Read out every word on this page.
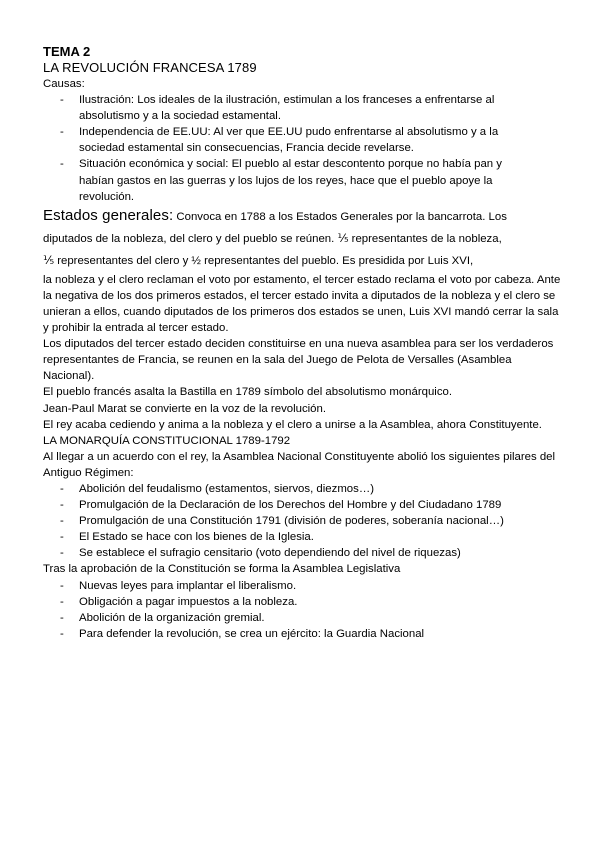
TEMA 2
LA REVOLUCIÓN FRANCESA 1789
Causas:
- Ilustración: Los ideales de la ilustración, estimulan a los franceses a enfrentarse al absolutismo y a la sociedad estamental.
- Independencia de EE.UU: Al ver que EE.UU pudo enfrentarse al absolutismo y a la sociedad estamental sin consecuencias, Francia decide revelarse.
- Situación económica y social: El pueblo al estar descontento porque no había pan y habían gastos en las guerras y los lujos de los reyes, hace que el pueblo apoye la revolución.
Estados generales: Convoca en 1788 a los Estados Generales por la bancarrota. Los
diputados de la nobleza, del clero y del pueblo se reúnen. ⅕ representantes de la nobleza,
⅕ representantes del clero y ½ representantes del pueblo. Es presidida por Luis XVI,
la nobleza y el clero reclaman el voto por estamento, el tercer estado reclama el voto por cabeza. Ante la negativa de los dos primeros estados, el tercer estado invita a diputados de la nobleza y el clero se unieran a ellos, cuando diputados de los primeros dos estados se unen, Luis XVI mandó cerrar la sala y prohibir la entrada al tercer estado.
Los diputados del tercer estado deciden constituirse en una nueva asamblea para ser los verdaderos representantes de Francia, se reunen en la sala del Juego de Pelota de Versalles (Asamblea Nacional).
El pueblo francés asalta la Bastilla en 1789 símbolo del absolutismo monárquico.
Jean-Paul Marat se convierte en la voz de la revolución.
El rey acaba cediendo y anima a la nobleza y el clero a unirse a la Asamblea, ahora Constituyente.
LA MONARQUÍA CONSTITUCIONAL 1789-1792
Al llegar a un acuerdo con el rey, la Asamblea Nacional Constituyente abolió los siguientes pilares del Antiguo Régimen:
- Abolición del feudalismo (estamentos, siervos, diezmos…)
- Promulgación de la Declaración de los Derechos del Hombre y del Ciudadano 1789
- Promulgación de una Constitución 1791 (división de poderes, soberanía nacional…)
- El Estado se hace con los bienes de la Iglesia.
- Se establece el sufragio censitario (voto dependiendo del nivel de riquezas)
Tras la aprobación de la Constitución se forma la Asamblea Legislativa
- Nuevas leyes para implantar el liberalismo.
- Obligación a pagar impuestos a la nobleza.
- Abolición de la organización gremial.
- Para defender la revolución, se crea un ejército: la Guardia Nacional
